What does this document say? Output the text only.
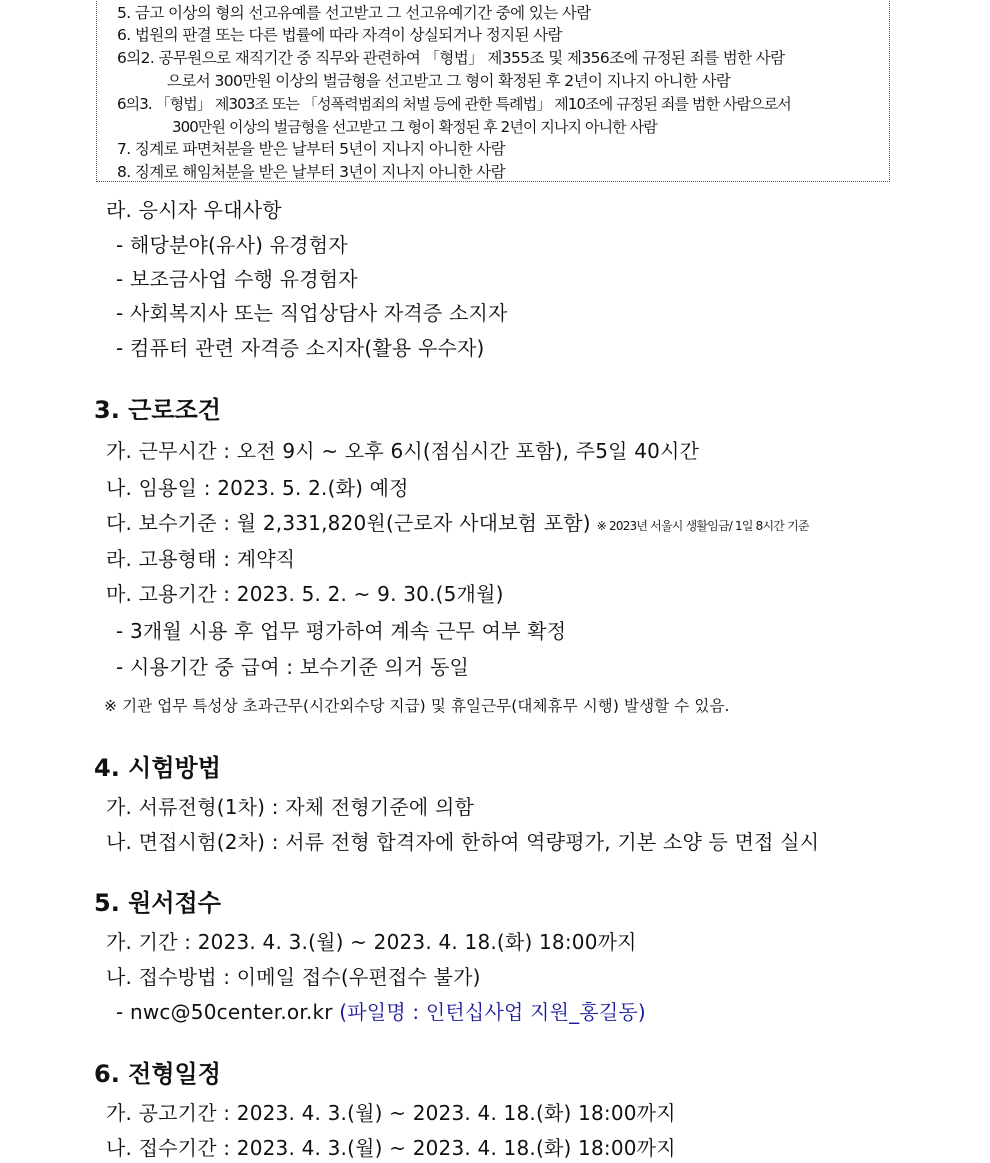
5. 금고 이상의 형의 선고유예를 선고받고 그 선고유예기간 중에 있는 사람
6. 법원의 판결 또는 다른 법률에 따라 자격이 상실되거나 정지된 사람
6의2. 공무원으로 재직기간 중 직무와 관련하여 「형법」 제355조 및 제356조에 규정된 죄를 범한 사람
으로서 300만원 이상의 벌금형을 선고받고 그 형이 확정된 후 2년이 지나지 아니한 사람
6의3. 「형법」 제303조 또는 「성폭력범죄의 처벌 등에 관한 특례법」 제10조에 규정된 죄를 범한 사람으로서
300만원 이상의 벌금형을 선고받고 그 형이 확정된 후 2년이 지나지 아니한 사람
7. 징계로 파면처분을 받은 날부터 5년이 지나지 아니한 사람
8. 징계로 해임처분을 받은 날부터 3년이 지나지 아니한 사람
라. 응시자 우대사항
- 해당분야(유사) 유경험자
- 보조금사업 수행 유경험자
- 사회복지사 또는 직업상담사 자격증 소지자
- 컴퓨터 관련 자격증 소지자(활용 우수자)
3. 근로조건
가. 근무시간 : 오전 9시 ~ 오후 6시(점심시간 포함), 주5일 40시간
나. 임용일 : 2023. 5. 2.(화) 예정
다. 보수기준 : 월 2,331,820원(근로자 사대보험 포함) ※ 2023년 서울시 생활임금/ 1일 8시간 기준
라. 고용형태 : 계약직
마. 고용기간 : 2023. 5. 2. ~ 9. 30.(5개월)
- 3개월 시용 후 업무 평가하여 계속 근무 여부 확정
- 시용기간 중 급여 : 보수기준 의거 동일
※ 기관 업무 특성상 초과근무(시간외수당 지급) 및 휴일근무(대체휴무 시행) 발생할 수 있음.
4. 시험방법
가. 서류전형(1차) : 자체 전형기준에 의함
나. 면접시험(2차) : 서류 전형 합격자에 한하여 역량평가, 기본 소양 등 면접 실시
5. 원서접수
가. 기간 : 2023. 4. 3.(월) ~ 2023. 4. 18.(화) 18:00까지
나. 접수방법 : 이메일 접수(우편접수 불가)
- nwc@50center.or.kr (파일명 : 인턴십사업 지원_홍길동)
6. 전형일정
가. 공고기간 : 2023. 4. 3.(월) ~ 2023. 4. 18.(화) 18:00까지
나. 접수기간 : 2023. 4. 3.(월) ~ 2023. 4. 18.(화) 18:00까지
